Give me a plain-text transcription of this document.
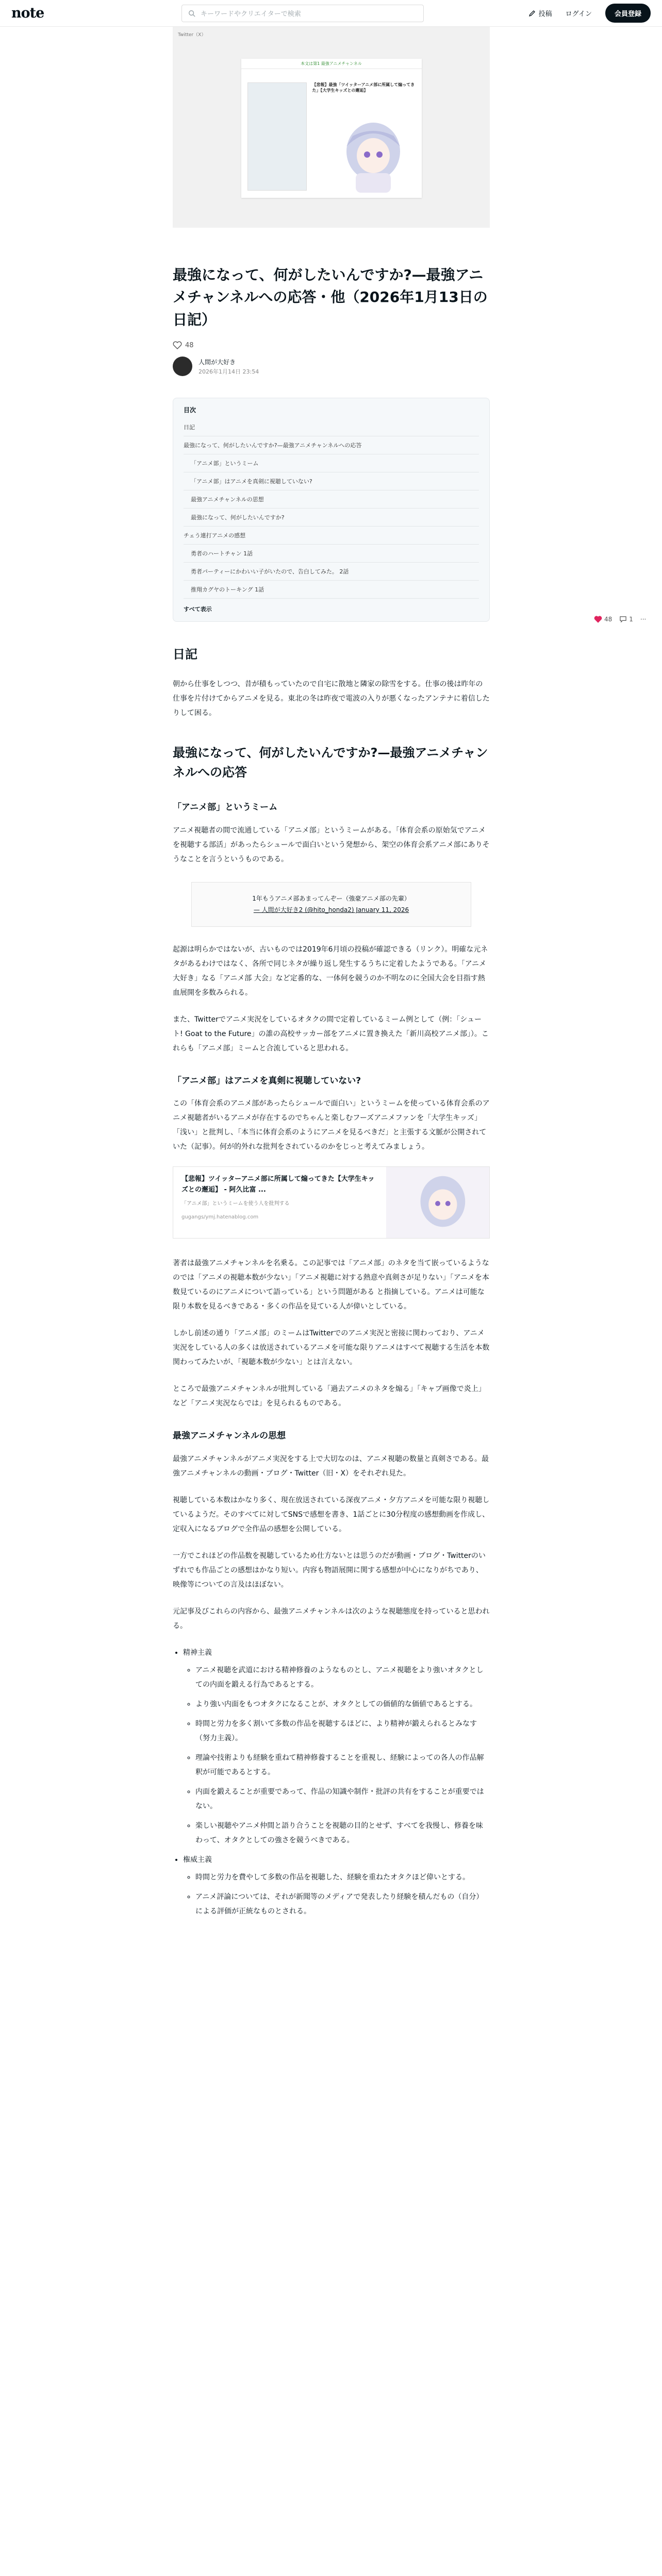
note	キーワードやクリエイターで検索	投稿 ログイン	会員登録
Twitter（X）
本文は第1 最強アニメチャンネル
【悲報】最強「ツイッターアニメ部に所属して煽ってきた」【大学生キッズとの邂逅】
最強になって、何がしたいんですか?—最強アニメチャンネルへの応答・他（2026年1月13日の日記）
48
人間が大好き
2026年1月14日 23:54
目次
日記
最強になって、何がしたいんですか?—最強アニメチャンネルへの応答
「アニメ部」というミーム
「アニメ部」はアニメを真剣に視聴していない?
最強アニメチャンネルの思想
最強になって、何がしたいんですか?
チェう連打アニメの感想
勇者のハートチャン 1話
勇者パーティーにかわいい子がいたので、告白してみた。 2話
推翔カグヤのトーキング 1話
すべて表示
日記

朝から仕事をしつつ、昔が積もっていたので自宅に散地と隣家の除雪をする。仕事の後は昨年の仕事を片付けてからアニメを見る。東北の冬は昨夜で電波の入りが悪くなったアンテナに着信したりして困る。

最強になって、何がしたいんですか?—最強アニメチャンネルへの応答
「アニメ部」というミーム

アニメ視聴者の間で流通している「アニメ部」というミームがある。「体育会系の原始気でアニメを視聴する部活」があったらシュールで面白いという発想から、架空の体育会系アニメ部にありそうなことを言うというものである。

1年もうアニメ部あまってんぞー（強豪アニメ部の先輩）
— 人間が大好き2 (@hito_honda2) January 11, 2026

起源は明らかではないが、古いものでは2019年6月頃の投稿が確認できる（リンク）。明確な元ネタがあるわけではなく、各所で同じネタが繰り返し発生するうちに定着したようである。「アニメ大好き」なる「アニメ部 大会」など定番的な、一体何を競うのか不明なのに全国大会を目指す熱血展開を多数みられる。

また、Twitterでアニメ実況をしているオタクの間で定着しているミーム例として（例：「シュート! Goat to the Future」の誰の高校サッカー部をアニメに置き換えた「新川高校アニメ部」）。これらも「アニメ部」ミームと合流していると思われる。

「アニメ部」はアニメを真剣に視聴していない?

この「体育会系のアニメ部があったらシュールで面白い」というミームを使っている体育会系のアニメ視聴者がいるアニメが存在するのでちゃんと楽しむフーズアニメファンを「大学生キッズ」「浅い」と批判し、「本当に体育会系のようにアニメを見るべきだ」と主張する文脈が公開されていた（記事）。何が的外れな批判をされているのかをじっと考えてみましょう。

【悲報】ツイッターアニメ部に所属して煽ってきた【大学生キッズとの邂逅】 - 阿久比富 ...
「アニメ部」というミームを使う人を批判する
gugangs/ymj.hatenablog.com

著者は最強アニメチャンネルを名乗る。この記事では「アニメ部」のネタを当て嵌っているようなのでは「アニメの視聴本数が少ない」「アニメ視聴に対する熱意や真剣さが足りない」「アニメを本数見ているのにアニメについて語っている」という問題がある と指摘している。アニメは可能な限り本数を見るべきである・多くの作品を見ている人が偉いとしている。

しかし前述の通り「アニメ部」のミームはTwitterでのアニメ実況と密接に関わっており、アニメ実況をしている人の多くは放送されているアニメを可能な限りアニメはすべて視聴する生活を本数関わってみたいが、「視聴本数が少ない」とは言えない。

ところで最強アニメチャンネルが批判している「過去アニメのネタを煽る」「キャプ画像で炎上」など「アニメ実況ならでは」を見られるものである。

最強アニメチャンネルの思想

最強アニメチャンネルがアニメ実況をする上で大切なのは、アニメ視聴の数量と真剣さである。最強アニメチャンネルの動画・ブログ・Twitter（旧・X）をそれぞれ見た。

視聴している本数はかなり多く、現在放送されている深夜アニメ・夕方アニメを可能な限り視聴しているようだ。そのすべてに対してSNSで感想を書き、1話ごとに30分程度の感想動画を作成し、定収入になるブログで全作品の感想を公開している。

一方でこれほどの作品数を視聴しているため仕方ないとは思うのだが動画・ブログ・Twitterのいずれでも作品ごとの感想はかなり短い。内容も物語展開に関する感想が中心になりがちであり、映像等についての言及はほぼない。

元記事及びこれらの内容から、最強アニメチャンネルは次のような視聴態度を持っていると思われる。

• 精神主義
◦ アニメ視聴を武道における精神修養のようなものとし、アニメ視聴をより強いオタクとしての内面を鍛える行為であるとする。
◦ より強い内面をもつオタクになることが、オタクとしての価値的な価値であるとする。
◦ 時間と労力を多く割いて多数の作品を視聴するほどに、より精神が鍛えられるとみなす（努力主義）。
◦ 理論や技術よりも経験を重ねて精神修養することを重視し、経験によっての各人の作品解釈が可能であるとする。
◦ 内面を鍛えることが重要であって、作品の知識や制作・批評の共有をすることが重要ではない。
◦ 楽しい視聴やアニメ仲間と語り合うことを視聴の目的とせず、すべてを我慢し、修養を味わって、オタクとしての強さを競うべきである。
• 権威主義
◦ 時間と労力を費やして多数の作品を視聴した、経験を重ねたオタクほど偉いとする。
◦ アニメ評論については、それが新聞等のメディアで発表したり経験を積んだもの（自分）による評価が正統なものとされる。
48	1 ···
